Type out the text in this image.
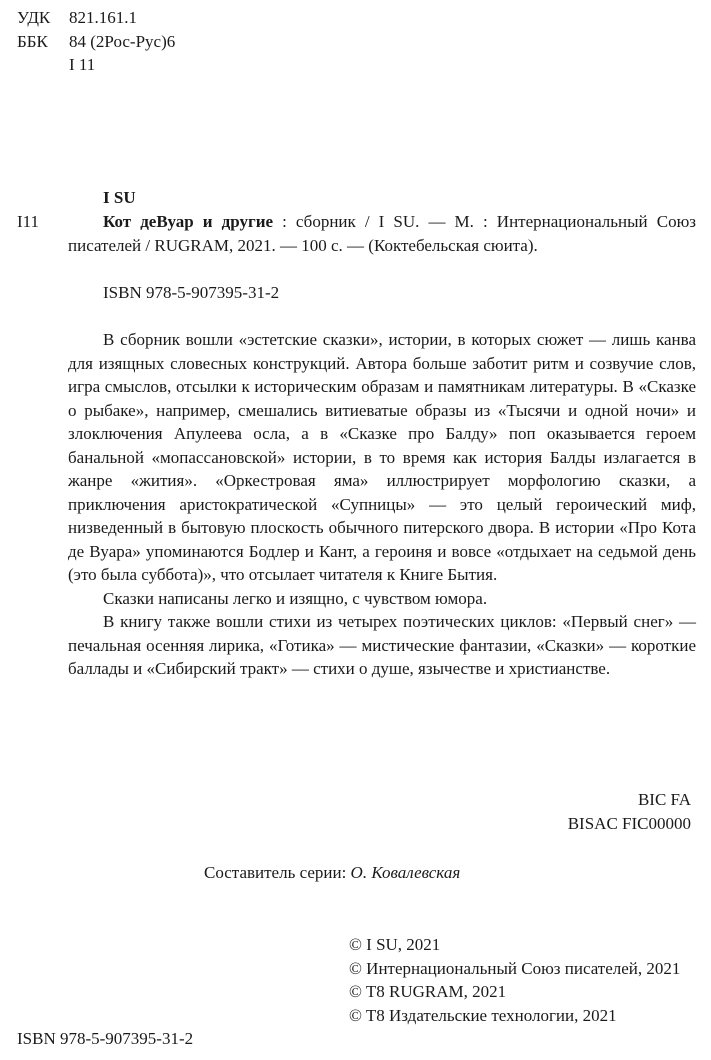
УДК	821.161.1
ББК	84 (2Рос-Рус)6
I 11
I SU
I11	Кот деВуар и другие : сборник / I SU. — М. : Интернациональный Союз писателей / RUGRAM, 2021. — 100 с. — (Коктебельская сюита).

ISBN 978-5-907395-31-2

В сборник вошли «эстетские сказки», истории, в которых сюжет — лишь канва для изящных словесных конструкций. Автора больше заботит ритм и созвучие слов, игра смыслов, отсылки к историческим образам и памятникам литературы. В «Сказке о рыбаке», например, смешались витиеватые образы из «Тысячи и одной ночи» и злоключения Апулеева осла, а в «Сказке про Балду» поп оказывается героем банальной «мопассановской» истории, в то время как история Балды излагается в жанре «жития». «Оркестровая яма» иллюстрирует морфологию сказки, а приключения аристократической «Супницы» — это целый героический миф, низведенный в бытовую плоскость обычного питерского двора. В истории «Про Кота де Вуара» упоминаются Бодлер и Кант, а героиня и вовсе «отдыхает на седьмой день (это была суббота)», что отсылает читателя к Книге Бытия.

Сказки написаны легко и изящно, с чувством юмора.

В книгу также вошли стихи из четырех поэтических циклов: «Первый снег» — печальная осенняя лирика, «Готика» — мистические фантазии, «Сказки» — короткие баллады и «Сибирский тракт» — стихи о душе, язычестве и христианстве.

BIC FA
BISAC FIC00000
Составитель серии: О. Ковалевская
ISBN 978-5-907395-31-2
© I SU, 2021
© Интернациональный Союз писателей, 2021
© T8 RUGRAM, 2021
© T8 Издательские технологии, 2021
